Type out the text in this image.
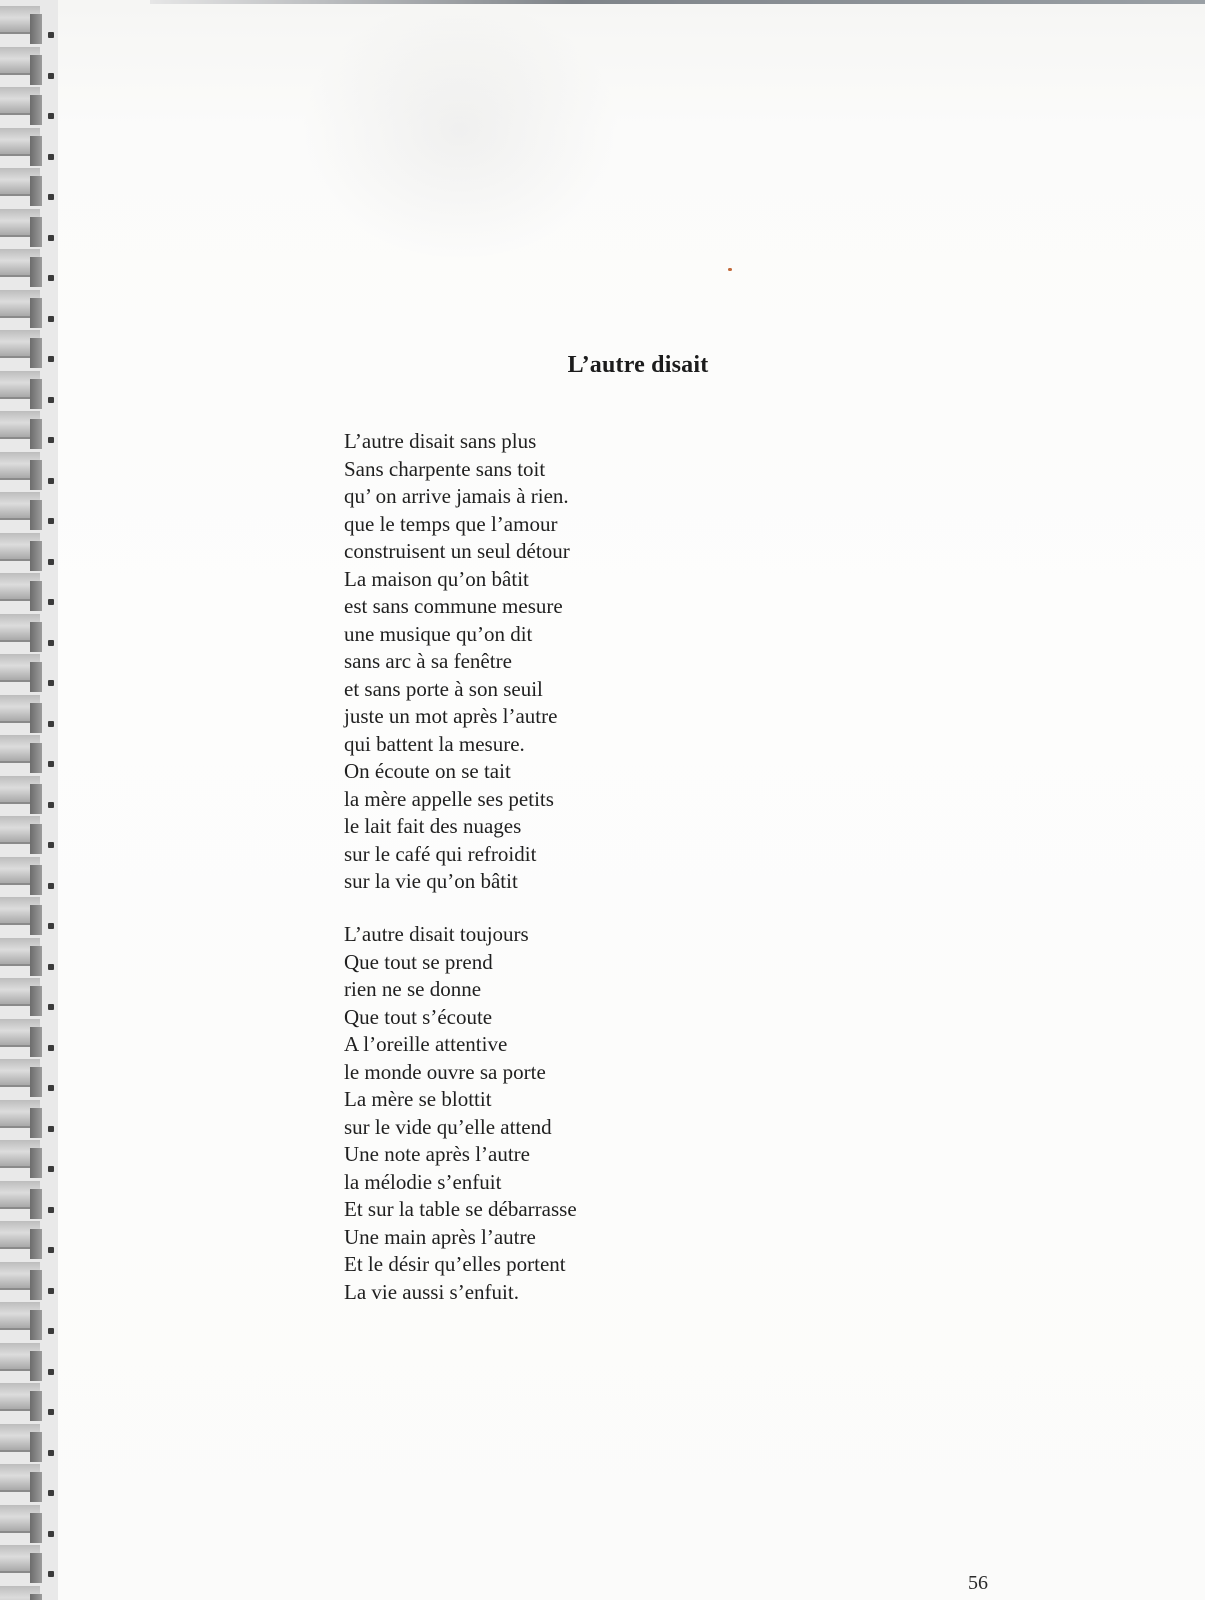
L’autre disait
L’autre disait sans plus
Sans charpente sans toit
qu’ on arrive jamais à rien.
que le temps que l’amour
construisent un seul détour
La maison qu’on bâtit
est sans commune mesure
une musique qu’on dit
sans arc à sa fenêtre
et sans porte à son seuil
juste un mot après l’autre
qui battent la mesure.
On écoute on se tait
la mère appelle ses petits
le lait fait des nuages
sur le café qui refroidit
sur la vie qu’on bâtit
L’autre disait toujours
Que tout se prend
rien ne se donne
Que tout s’écoute
A l’oreille attentive
le monde ouvre sa porte
La mère se blottit
sur le vide qu’elle attend
Une note après l’autre
la mélodie s’enfuit
Et sur la table se débarrasse
Une main après l’autre
Et le désir qu’elles portent
La vie aussi s’enfuit.
56
